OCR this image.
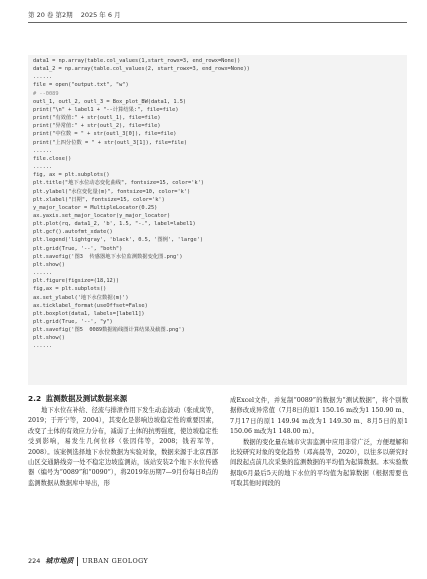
第 20 卷 第2期 2025 年 6 月
data1 = np.array(table.col_values(1,start_rowx=3, end_rowx=None))
data1_2 = np.array(table.col_values(2, start_rowx=3, end_rowx=None))
......
file = open("output.txt", "w")
# --0089
outl_1, outl_2, outl_3 = Box_plot_BW(data1, 1.5)
print("\n" + label1 + "--计算结果:", file=file)
print("有效值:" + str(outl_1), file=file)
print("异常值:" + str(outl_2), file=file)
print("中位数 = " + str(outl_3[0]), file=file)
print("上四分位数 = " + str(outl_3[1]), file=file)
......
file.close()
......
fig, ax = plt.subplots()
plt.title("地下水位动态变化曲线", fontsize=15, color='k')
plt.ylabel("水位变化量(m)", fontsize=10, color='k')
plt.xlabel("日期", fontsize=15, color='k')
y_major_locator = MultipleLocator(0.25)
ax.yaxis.set_major_locator(y_major_locator)
plt.plot(rq, data1_2, 'b', 1.5, "-.", label=label1)
plt.gcf().autofmt_xdate()
plt.legend('lightgray', 'black', 0.5, '图例', 'large')
plt.grid(True, '--', "both")
plt.savefig('图3  传感器地下水位监测数据变化图.png')
plt.show()
......
plt.figure(figsize=(18,12))
fig,ax = plt.subplots()
ax.set_ylabel('地下水位数据(m)')
ax.ticklabel_format(useOffset=False)
plt.boxplot(data1, labels=[label1])
plt.grid(True, '--', "y")
plt.savefig('图5  0089数据箱线图计算结果及截图.png')
plt.show()
......

2.2 监测数据及测试数据来源

地下水位在补给、径流与排泄作用下发生动态波动（张成岚等，2019；于开宁等，2004），其变化是影响边坡稳定性的重要因素，改变了土体的有效应力分布，减弱了土体的抗剪强度，使边坡稳定性受到影响，易发生几何位移（张因伟等，2008；钱若军等，2008）。该案例选择地下水位数据为实验对象，数据来源于北京西部山区交通路线旁一处不稳定边坡监测站，该站安装2个地下水位传感器（编号为“0089”和“0090”），将2019年历期7—9月份每日8点的监测数据从数据库中导出，形

成Excel文件，并复制“0089”的数据为“测试数据”，将个别数据修改成异常值（7月8日的原1 150.16 m改为1 150.90 m、7月17日的原1 149.94 m改为1 149.30 m、8月5日的原1 150.06 m改为1 148.00 m）。

数据的变化量在城市灾害监测中应用非常广泛，方便理解和比较研究对象的变化趋势（邓高晨等，2020），以往多以研究时间段起点前几次采集的监测数据的平均值为起算数据。本实验数据取6月最后5天的地下水位的平均值为起算数据（根据需要也可取其他时间段的

224 城市地质 URBAN GEOLOGY
